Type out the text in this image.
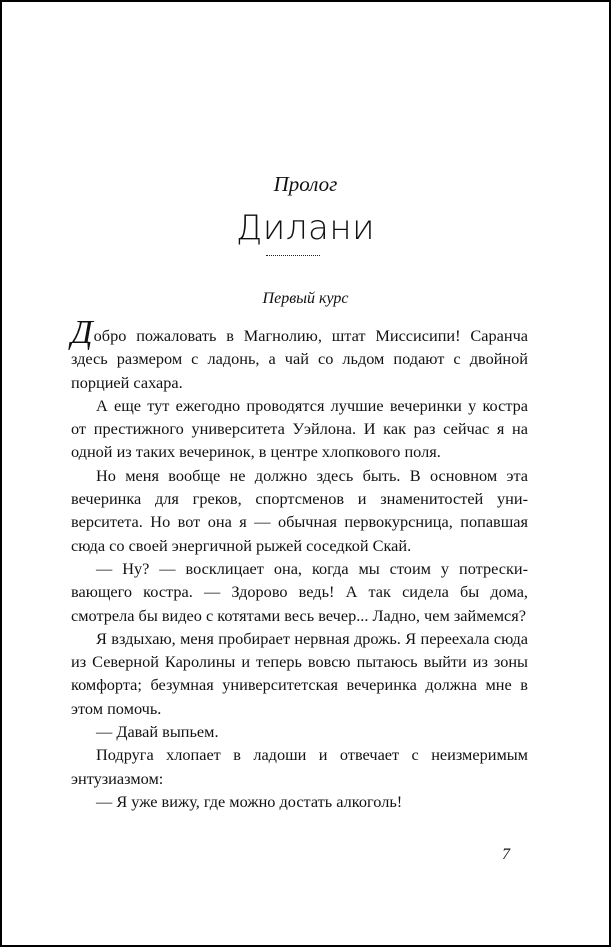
Пролог
Дилани
Первый курс

Добро пожаловать в Магнолию, штат Миссисипи! Саранча здесь размером с ладонь, а чай со льдом подают с двойной порцией сахара.

А еще тут ежегодно проводятся лучшие вечеринки у костра от престижного университета Уэйлона. И как раз сейчас я на одной из таких вечеринок, в центре хлопкового поля.

Но меня вообще не должно здесь быть. В основном эта вечеринка для греков, спортсменов и знаменитостей университета. Но вот она я — обычная первокурсница, попавшая сюда со своей энергичной рыжей соседкой Скай.

— Ну? — восклицает она, когда мы стоим у потрескивающего костра. — Здорово ведь! А так сидела бы дома, смотрела бы видео с котятами весь вечер... Ладно, чем займемся?

Я вздыхаю, меня пробирает нервная дрожь. Я переехала сюда из Северной Каролины и теперь вовсю пытаюсь выйти из зоны комфорта; безумная университетская вечеринка должна мне в этом помочь.

— Давай выпьем.

Подруга хлопает в ладоши и отвечает с неизмеримым энтузиазмом:

— Я уже вижу, где можно достать алкоголь!

7
